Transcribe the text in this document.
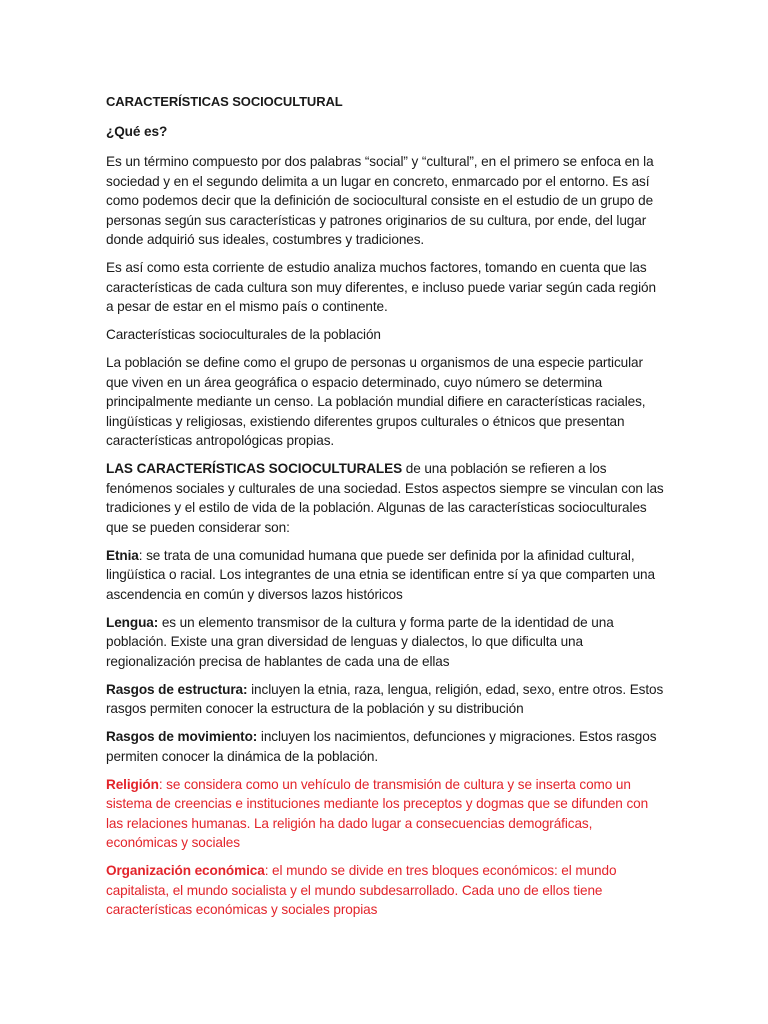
CARACTERÍSTICAS SOCIOCULTURAL
¿Qué es?

Es un término compuesto por dos palabras “social” y “cultural”, en el primero se enfoca en la sociedad y en el segundo delimita a un lugar en concreto, enmarcado por el entorno. Es así como podemos decir que la definición de sociocultural consiste en el estudio de un grupo de personas según sus características y patrones originarios de su cultura, por ende, del lugar donde adquirió sus ideales, costumbres y tradiciones.

Es así como esta corriente de estudio analiza muchos factores, tomando en cuenta que las características de cada cultura son muy diferentes, e incluso puede variar según cada región a pesar de estar en el mismo país o continente.

Características socioculturales de la población

La población se define como el grupo de personas u organismos de una especie particular que viven en un área geográfica o espacio determinado, cuyo número se determina principalmente mediante un censo. La población mundial difiere en características raciales, lingüísticas y religiosas, existiendo diferentes grupos culturales o étnicos que presentan características antropológicas propias.

LAS CARACTERÍSTICAS SOCIOCULTURALES de una población se refieren a los fenómenos sociales y culturales de una sociedad. Estos aspectos siempre se vinculan con las tradiciones y el estilo de vida de la población. Algunas de las características socioculturales que se pueden considerar son:

Etnia: se trata de una comunidad humana que puede ser definida por la afinidad cultural, lingüística o racial. Los integrantes de una etnia se identifican entre sí ya que comparten una ascendencia en común y diversos lazos históricos

Lengua: es un elemento transmisor de la cultura y forma parte de la identidad de una población. Existe una gran diversidad de lenguas y dialectos, lo que dificulta una regionalización precisa de hablantes de cada una de ellas

Rasgos de estructura: incluyen la etnia, raza, lengua, religión, edad, sexo, entre otros. Estos rasgos permiten conocer la estructura de la población y su distribución

Rasgos de movimiento: incluyen los nacimientos, defunciones y migraciones. Estos rasgos permiten conocer la dinámica de la población.

Religión: se considera como un vehículo de transmisión de cultura y se inserta como un sistema de creencias e instituciones mediante los preceptos y dogmas que se difunden con las relaciones humanas. La religión ha dado lugar a consecuencias demográficas, económicas y sociales

Organización económica: el mundo se divide en tres bloques económicos: el mundo capitalista, el mundo socialista y el mundo subdesarrollado. Cada uno de ellos tiene características económicas y sociales propias
